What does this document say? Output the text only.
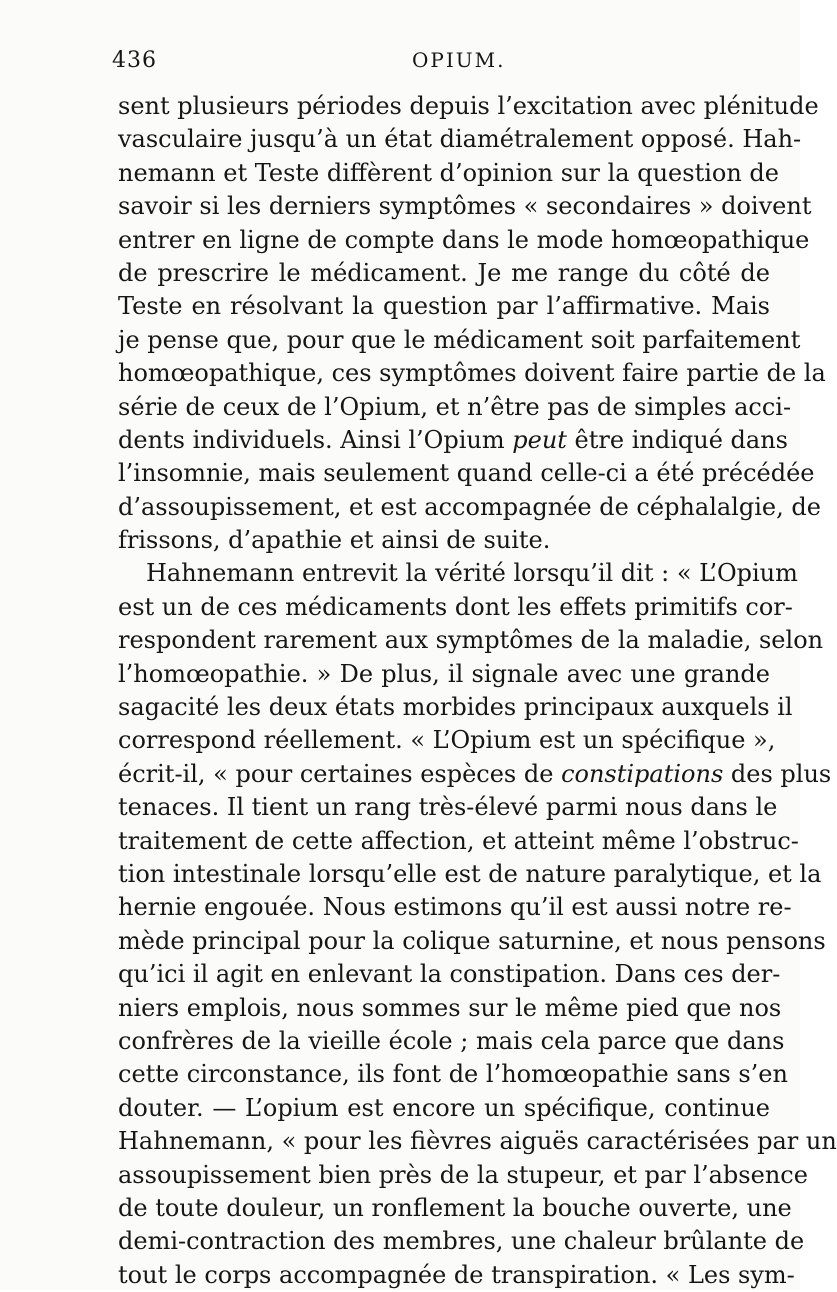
436	OPIUM.
sent plusieurs périodes depuis l’excitation avec plénitude
vasculaire jusqu’à un état diamétralement opposé. Hah-
nemann et Teste diffèrent d’opinion sur la question de
savoir si les derniers symptômes « secondaires » doivent
entrer en ligne de compte dans le mode homœopathique
de prescrire le médicament. Je me range du côté de
Teste en résolvant la question par l’affirmative. Mais
je pense que, pour que le médicament soit parfaitement
homœopathique, ces symptômes doivent faire partie de la
série de ceux de l’Opium, et n’être pas de simples acci-
dents individuels. Ainsi l’Opium peut être indiqué dans
l’insomnie, mais seulement quand celle-ci a été précédée
d’assoupissement, et est accompagnée de céphalalgie, de
frissons, d’apathie et ainsi de suite.
Hahnemann entrevit la vérité lorsqu’il dit : « L’Opium
est un de ces médicaments dont les effets primitifs cor-
respondent rarement aux symptômes de la maladie, selon
l’homœopathie. » De plus, il signale avec une grande
sagacité les deux états morbides principaux auxquels il
correspond réellement. « L’Opium est un spécifique »,
écrit-il, « pour certaines espèces de constipations des plus
tenaces. Il tient un rang très-élevé parmi nous dans le
traitement de cette affection, et atteint même l’obstruc-
tion intestinale lorsqu’elle est de nature paralytique, et la
hernie engouée. Nous estimons qu’il est aussi notre re-
mède principal pour la colique saturnine, et nous pensons
qu’ici il agit en enlevant la constipation. Dans ces der-
niers emplois, nous sommes sur le même pied que nos
confrères de la vieille école ; mais cela parce que dans
cette circonstance, ils font de l’homœopathie sans s’en
douter. — L’opium est encore un spécifique, continue
Hahnemann, « pour les fièvres aiguës caractérisées par un
assoupissement bien près de la stupeur, et par l’absence
de toute douleur, un ronflement la bouche ouverte, une
demi-contraction des membres, une chaleur brûlante de
tout le corps accompagnée de transpiration. « Les sym-
